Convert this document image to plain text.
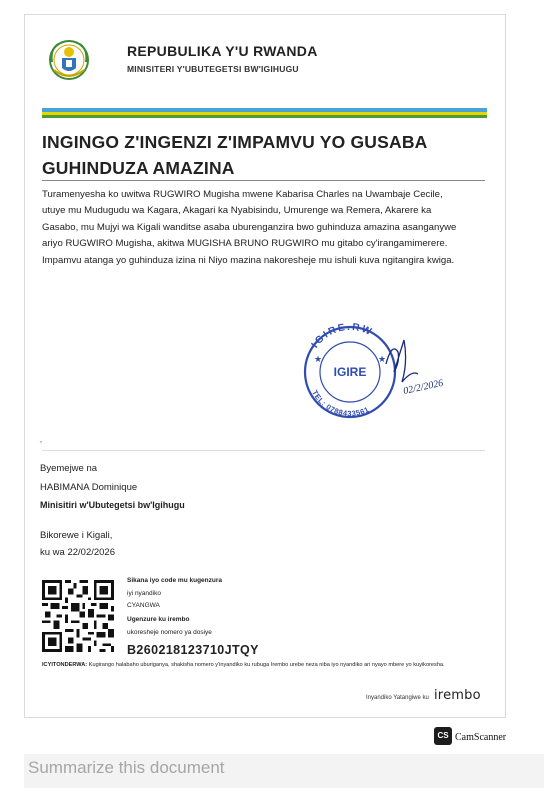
REPUBULIKA Y'U RWANDA
MINISITERI Y'UBUTEGETSI BW'IGIHUGU
INGINGO Z'INGENZI Z'IMPAMVU YO GUSABA
GUHINDUZA AMAZINA

Turamenyesha ko uwitwa RUGWIRO Mugisha mwene Kabarisa Charles na Uwambaje Cecile,

utuye mu Mudugudu wa Kagara, Akagari ka Nyabisindu, Umurenge wa Remera, Akarere ka

Gasabo, mu Mujyi wa Kigali wanditse asaba uburenganzira bwo guhinduza amazina asanganywe

ariyo RUGWIRO Mugisha, akitwa MUGISHA BRUNO RUGWIRO mu gitabo cy'irangamimerere.

Impamvu atanga yo guhinduza izina ni Niyo mazina nakoresheje mu ishuli kuva ngitangira kwiga.

IGIRE.RW
TEL: 0788433561
IGIRE
★	★
02/2/2026
ʼ
Byemejwe na
HABIMANA Dominique
Minisitiri w'Ubutegetsi bw'Igihugu
Bikorewe i Kigali,
ku wa 22/02/2026
Sikana iyo code mu kugenzura
iyi nyandiko
CYANGWA
Ugenzure ku irembo
ukoresheje nomero ya dosiye
B260218123710JTQY
ICYITONDERWA: Kugirango halabaho uburiganya, shakisha nomero y'inyandiko ku rubuga Irembo urebe neza niba iyo nyandiko ari nyayo mbere yo kuyikoresha.
Inyandiko Yatangiwe ku irembo
CS CamScanner
Summarize this document
